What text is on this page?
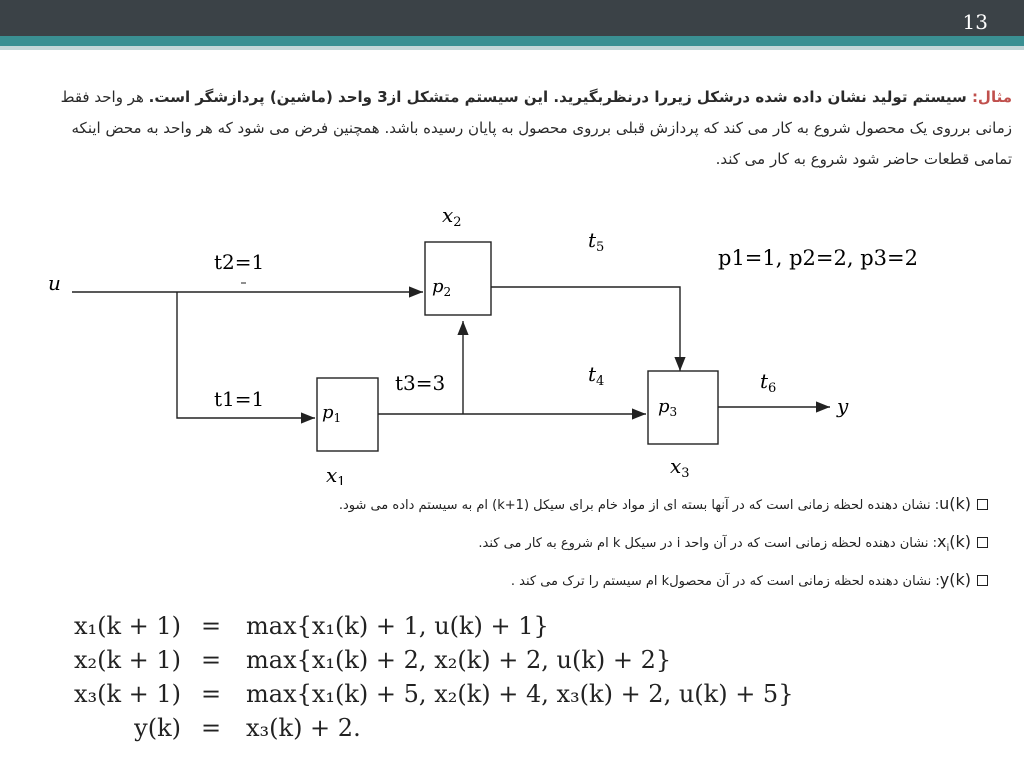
13
مثال: سیستم تولید نشان داده شده درشکل زیررا درنظربگیرید. این سیستم متشکل از3 واحد (ماشین) پردازشگر است. هر واحد فقط زمانی برروی یک محصول شروع به کار می کند که پردازش قبلی برروی محصول به پایان رسیده باشد. همچنین فرض می شود که هر واحد به محض اینکه تمامی قطعات حاضر شود شروع به کار می کند.
u
y
$p_2$
$p_1$
$p_3$
$x_2$
$x_1$
$x_3$
t2=1
t1=1
t3=3
$t_5$
$t_4$	$t_6$
p1=1, p2=2, p3=2
u(k): نشان دهنده لحظه زمانی است که در آنها بسته ای از مواد خام برای سیکل (k+1) ام به سیستم داده می شود.
$x_i(k)$: نشان دهنده لحظه زمانی است که در آن واحد i در سیکل k ام شروع به کار می کند.
y(k): نشان دهنده لحظه زمانی است که در آن محصولk ام سیستم را ترک می کند .
x₁(k + 1) = max{x₁(k) + 1, u(k) + 1}
x₂(k + 1) = max{x₁(k) + 2, x₂(k) + 2, u(k) + 2}
x₃(k + 1) = max{x₁(k) + 5, x₂(k) + 4, x₃(k) + 2, u(k) + 5}
y(k) = x₃(k) + 2.
